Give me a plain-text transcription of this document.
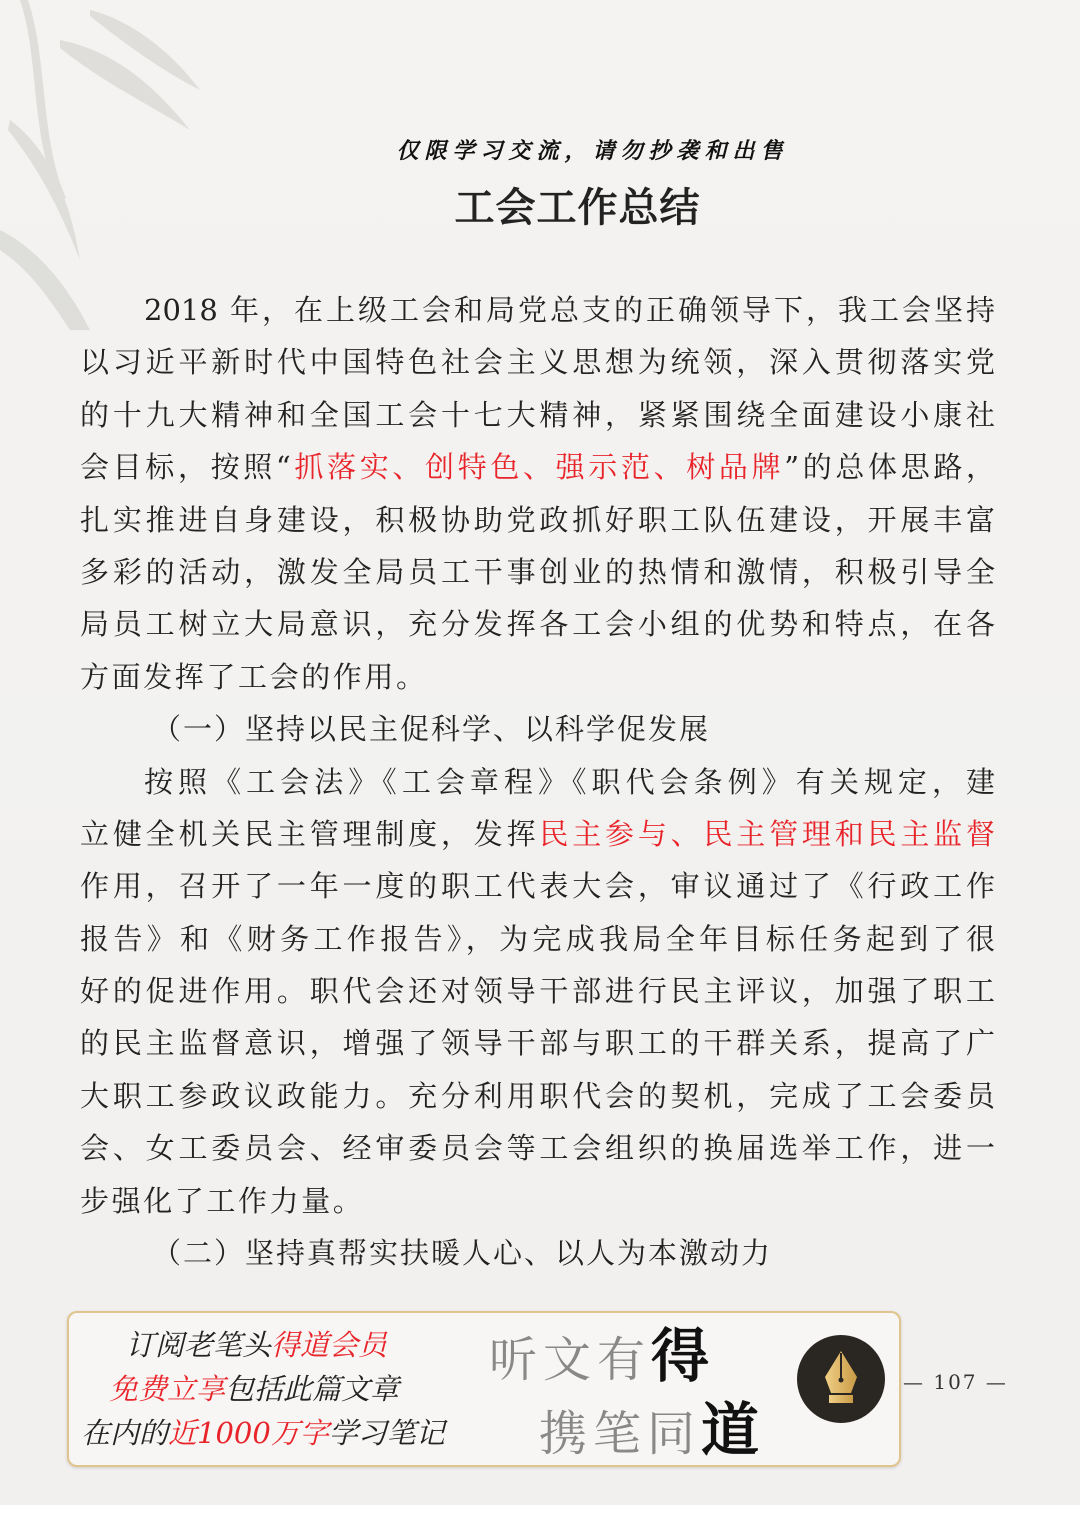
仅限学习交流，请勿抄袭和出售
工会工作总结
2018 年，在上级工会和局党总支的正确领导下，我工会坚持
以习近平新时代中国特色社会主义思想为统领，深入贯彻落实党
的十九大精神和全国工会十七大精神，紧紧围绕全面建设小康社
会目标，按照“抓落实、创特色、强示范、树品牌”的总体思路，
扎实推进自身建设，积极协助党政抓好职工队伍建设，开展丰富
多彩的活动，激发全局员工干事创业的热情和激情，积极引导全
局员工树立大局意识，充分发挥各工会小组的优势和特点，在各
方面发挥了工会的作用。
（一）坚持以民主促科学、以科学促发展
按照《工会法》《工会章程》《职代会条例》有关规定，建
立健全机关民主管理制度，发挥民主参与、民主管理和民主监督
作用，召开了一年一度的职工代表大会，审议通过了《行政工作
报告》和《财务工作报告》，为完成我局全年目标任务起到了很
好的促进作用。职代会还对领导干部进行民主评议，加强了职工
的民主监督意识，增强了领导干部与职工的干群关系，提高了广
大职工参政议政能力。充分利用职代会的契机，完成了工会委员
会、女工委员会、经审委员会等工会组织的换届选举工作，进一
步强化了工作力量。
（二）坚持真帮实扶暖人心、以人为本激动力
订阅老笔头得道会员
免费立享包括此篇文章
在内的近1000万字学习笔记
听文有得
携笔同道
— 107 —
